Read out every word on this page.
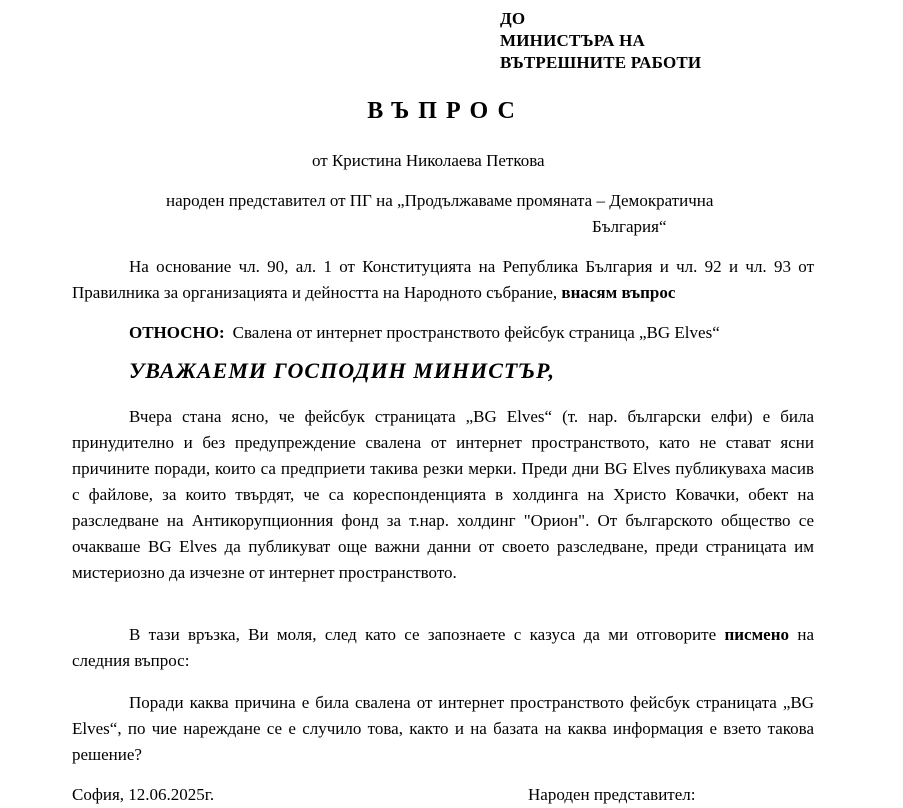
ДО
МИНИСТЪРА НА
ВЪТРЕШНИТЕ РАБОТИ
ВЪПРОС
от Кристина Николаева Петкова
народен представител от ПГ на „Продължаваме промяната – Демократична
България“
На основание чл. 90, ал. 1 от Конституцията на Република България и чл. 92 и чл. 93 от Правилника за организацията и дейността на Народното събрание, внасям въпрос
ОТНОСНО: Свалена от интернет пространството фейсбук страница „BG Elves“
УВАЖАЕМИ ГОСПОДИН МИНИСТЪР,
Вчера стана ясно, че фейсбук страницата „BG Elves“ (т. нар. български елфи) е била принудително и без предупреждение свалена от интернет пространството, като не стават ясни причините поради, които са предприети такива резки мерки. Преди дни BG Elves публикуваха масив с файлове, за които твърдят, че са кореспонденцията в холдинга на Христо Ковачки, обект на разследване на Антикорупционния фонд за т.нар. холдинг "Орион". От българското общество се очакваше BG Elves да публикуват още важни данни от своето разследване, преди страницата им мистериозно да изчезне от интернет пространството.
В тази връзка, Ви моля, след като се запознаете с казуса да ми отговорите писмено на следния въпрос:
Поради каква причина е била свалена от интернет пространството фейсбук страницата „BG Elves“, по чие нареждане се е случило това, както и на базата на каква информация е взето такова решение?
София, 12.06.2025г.	Народен представител:
